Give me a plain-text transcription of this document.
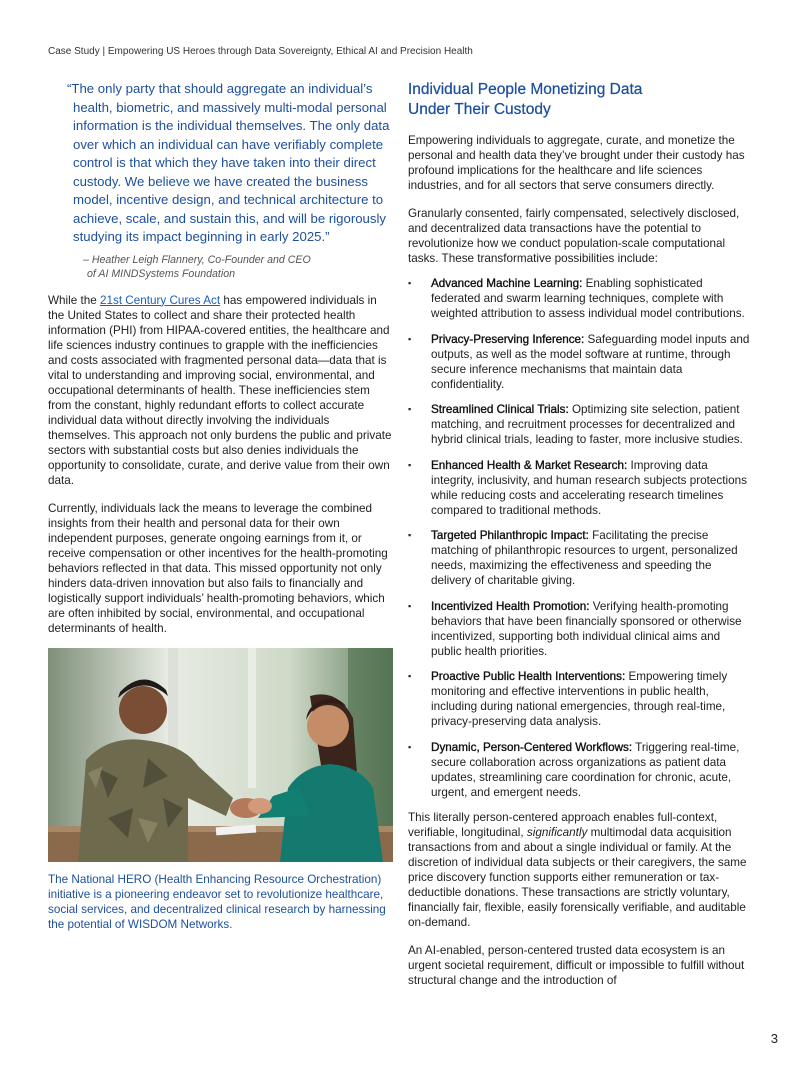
Case Study | Empowering US Heroes through Data Sovereignty, Ethical AI and Precision Health

“The only party that should aggregate an individual’s health, biometric, and massively multi-modal personal information is the individual themselves. The only data over which an individual can have verifiably complete control is that which they have taken into their direct custody. We believe we have created the business model, incentive design, and technical architecture to achieve, scale, and sustain this, and will be rigorously studying its impact beginning in early 2025.”

– Heather Leigh Flannery, Co-Founder and CEO
of AI MINDSystems Foundation

While the 21st Century Cures Act has empowered individuals in the United States to collect and share their protected health information (PHI) from HIPAA-covered entities, the healthcare and life sciences industry continues to grapple with the inefficiencies and costs associated with fragmented personal data—data that is vital to understanding and improving social, environmental, and occupational determinants of health. These inefficiencies stem from the constant, highly redundant efforts to collect accurate individual data without directly involving the individuals themselves. This approach not only burdens the public and private sectors with substantial costs but also denies individuals the opportunity to consolidate, curate, and derive value from their own data.

Currently, individuals lack the means to leverage the combined insights from their health and personal data for their own independent purposes, generate ongoing earnings from it, or receive compensation or other incentives for the health-promoting behaviors reflected in that data. This missed opportunity not only hinders data-driven innovation but also fails to financially and logistically support individuals’ health-promoting behaviors, which are often inhibited by social, environmental, and occupational determinants of health.

The National HERO (Health Enhancing Resource Orchestration) initiative is a pioneering endeavor set to revolutionize healthcare, social services, and decentralized clinical research by harnessing the potential of WISDOM Networks.

Individual People Monetizing Data
Under Their Custody

Empowering individuals to aggregate, curate, and monetize the personal and health data they’ve brought under their custody has profound implications for the healthcare and life sciences industries, and for all sectors that serve consumers directly.

Granularly consented, fairly compensated, selectively disclosed, and decentralized data transactions have the potential to revolutionize how we conduct population-scale computational tasks. These transformative possibilities include:

▪ Advanced Machine Learning: Enabling sophisticated federated and swarm learning techniques, complete with weighted attribution to assess individual model contributions.
▪ Privacy-Preserving Inference: Safeguarding model inputs and outputs, as well as the model software at runtime, through secure inference mechanisms that maintain data confidentiality.
▪ Streamlined Clinical Trials: Optimizing site selection, patient matching, and recruitment processes for decentralized and hybrid clinical trials, leading to faster, more inclusive studies.
▪ Enhanced Health & Market Research: Improving data integrity, inclusivity, and human research subjects protections while reducing costs and accelerating research timelines compared to traditional methods.
▪ Targeted Philanthropic Impact: Facilitating the precise matching of philanthropic resources to urgent, personalized needs, maximizing the effectiveness and speeding the delivery of charitable giving.
▪ Incentivized Health Promotion: Verifying health-promoting behaviors that have been financially sponsored or otherwise incentivized, supporting both individual clinical aims and public health priorities.
▪ Proactive Public Health Interventions: Empowering timely monitoring and effective interventions in public health, including during national emergencies, through real-time, privacy-preserving data analysis.
▪ Dynamic, Person-Centered Workflows: Triggering real-time, secure collaboration across organizations as patient data updates, streamlining care coordination for chronic, acute, urgent, and emergent needs.

This literally person-centered approach enables full-context, verifiable, longitudinal, significantly multimodal data acquisition transactions from and about a single individual or family. At the discretion of individual data subjects or their caregivers, the same price discovery function supports either remuneration or tax-deductible donations. These transactions are strictly voluntary, financially fair, flexible, easily forensically verifiable, and auditable on-demand.

An AI-enabled, person-centered trusted data ecosystem is an urgent societal requirement, difficult or impossible to fulfill without structural change and the introduction of

3
